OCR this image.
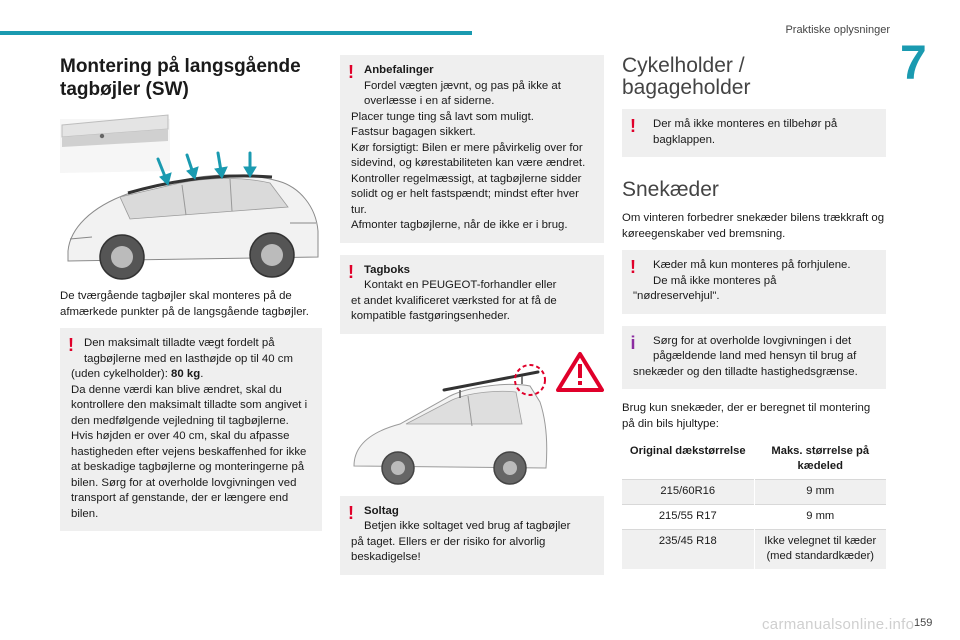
Praktiske oplysninger
7
Montering på langsgående tagbøjler (SW)

De tværgående tagbøjler skal monteres på de afmærkede punkter på de langsgående tagbøjler.

! Den maksimalt tilladte vægt fordelt på tagbøjlerne med en lasthøjde op til 40 cm
(uden cykelholder): 80 kg.
Da denne værdi kan blive ændret, skal du kontrollere den maksimalt tilladte som angivet i den medfølgende vejledning til tagbøjlerne. Hvis højden er over 40 cm, skal du afpasse hastigheden efter vejens beskaffenhed for ikke at beskadige tagbøjlerne og monteringerne på bilen. Sørg for at overholde lovgivningen ved transport af genstande, der er længere end bilen.
! Anbefalinger
Fordel vægten jævnt, og pas på ikke at overlæsse i en af siderne.
Placer tunge ting så lavt som muligt.
Fastsur bagagen sikkert.
Kør forsigtigt: Bilen er mere påvirkelig over for sidevind, og kørestabiliteten kan være ændret.
Kontroller regelmæssigt, at tagbøjlerne sidder solidt og er helt fastspændt; mindst efter hver tur.
Afmonter tagbøjlerne, når de ikke er i brug.
! Tagboks
Kontakt en PEUGEOT-forhandler eller
et andet kvalificeret værksted for at få de kompatible fastgøringsenheder.
! Soltag
Betjen ikke soltaget ved brug af tagbøjler
på taget. Ellers er der risiko for alvorlig beskadigelse!
Cykelholder /
bagageholder
!	Der må ikke monteres en tilbehør på bagklappen.
Snekæder

Om vinteren forbedrer snekæder bilens trækkraft og køreegenskaber ved bremsning.

!	Kæder må kun monteres på forhjulene.
De må ikke monteres på
"nødreservehjul".
i	Sørg for at overholde lovgivningen i det pågældende land med hensyn til brug af
snekæder og den tilladte hastighedsgrænse.

Brug kun snekæder, der er beregnet til montering på din bils hjultype:

Original dækstørrelse	Maks. størrelse på kædeled
215/60R16	9 mm
215/55 R17	9 mm
235/45 R18	Ikke velegnet til kæder
(med standardkæder)
159
carmanualsonline.info
